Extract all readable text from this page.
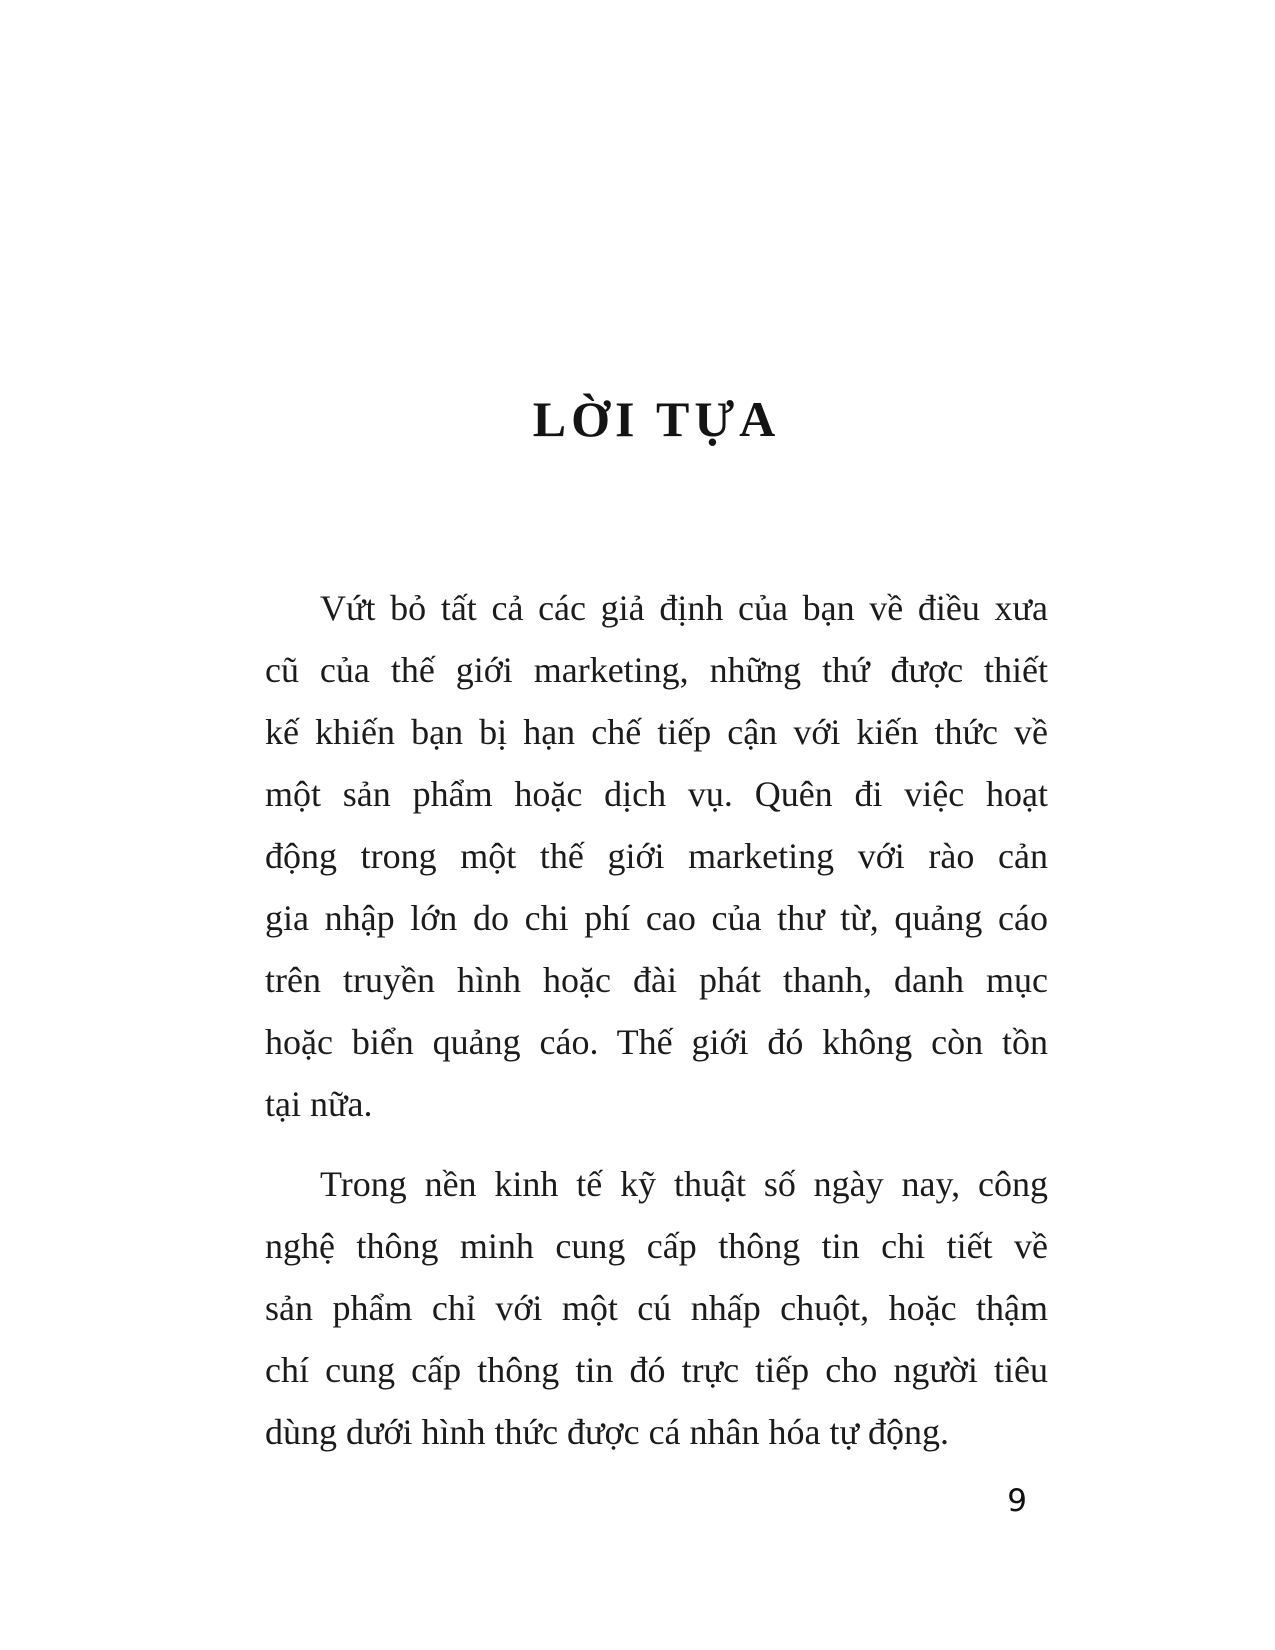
LỜI TỰA
Vứt bỏ tất cả các giả định của bạn về điều xưa
cũ của thế giới marketing, những thứ được thiết
kế khiến bạn bị hạn chế tiếp cận với kiến thức về
một sản phẩm hoặc dịch vụ. Quên đi việc hoạt
động trong một thế giới marketing với rào cản
gia nhập lớn do chi phí cao của thư từ, quảng cáo
trên truyền hình hoặc đài phát thanh, danh mục
hoặc biển quảng cáo. Thế giới đó không còn tồn
tại nữa.
Trong nền kinh tế kỹ thuật số ngày nay, công
nghệ thông minh cung cấp thông tin chi tiết về
sản phẩm chỉ với một cú nhấp chuột, hoặc thậm
chí cung cấp thông tin đó trực tiếp cho người tiêu
dùng dưới hình thức được cá nhân hóa tự động.
9
